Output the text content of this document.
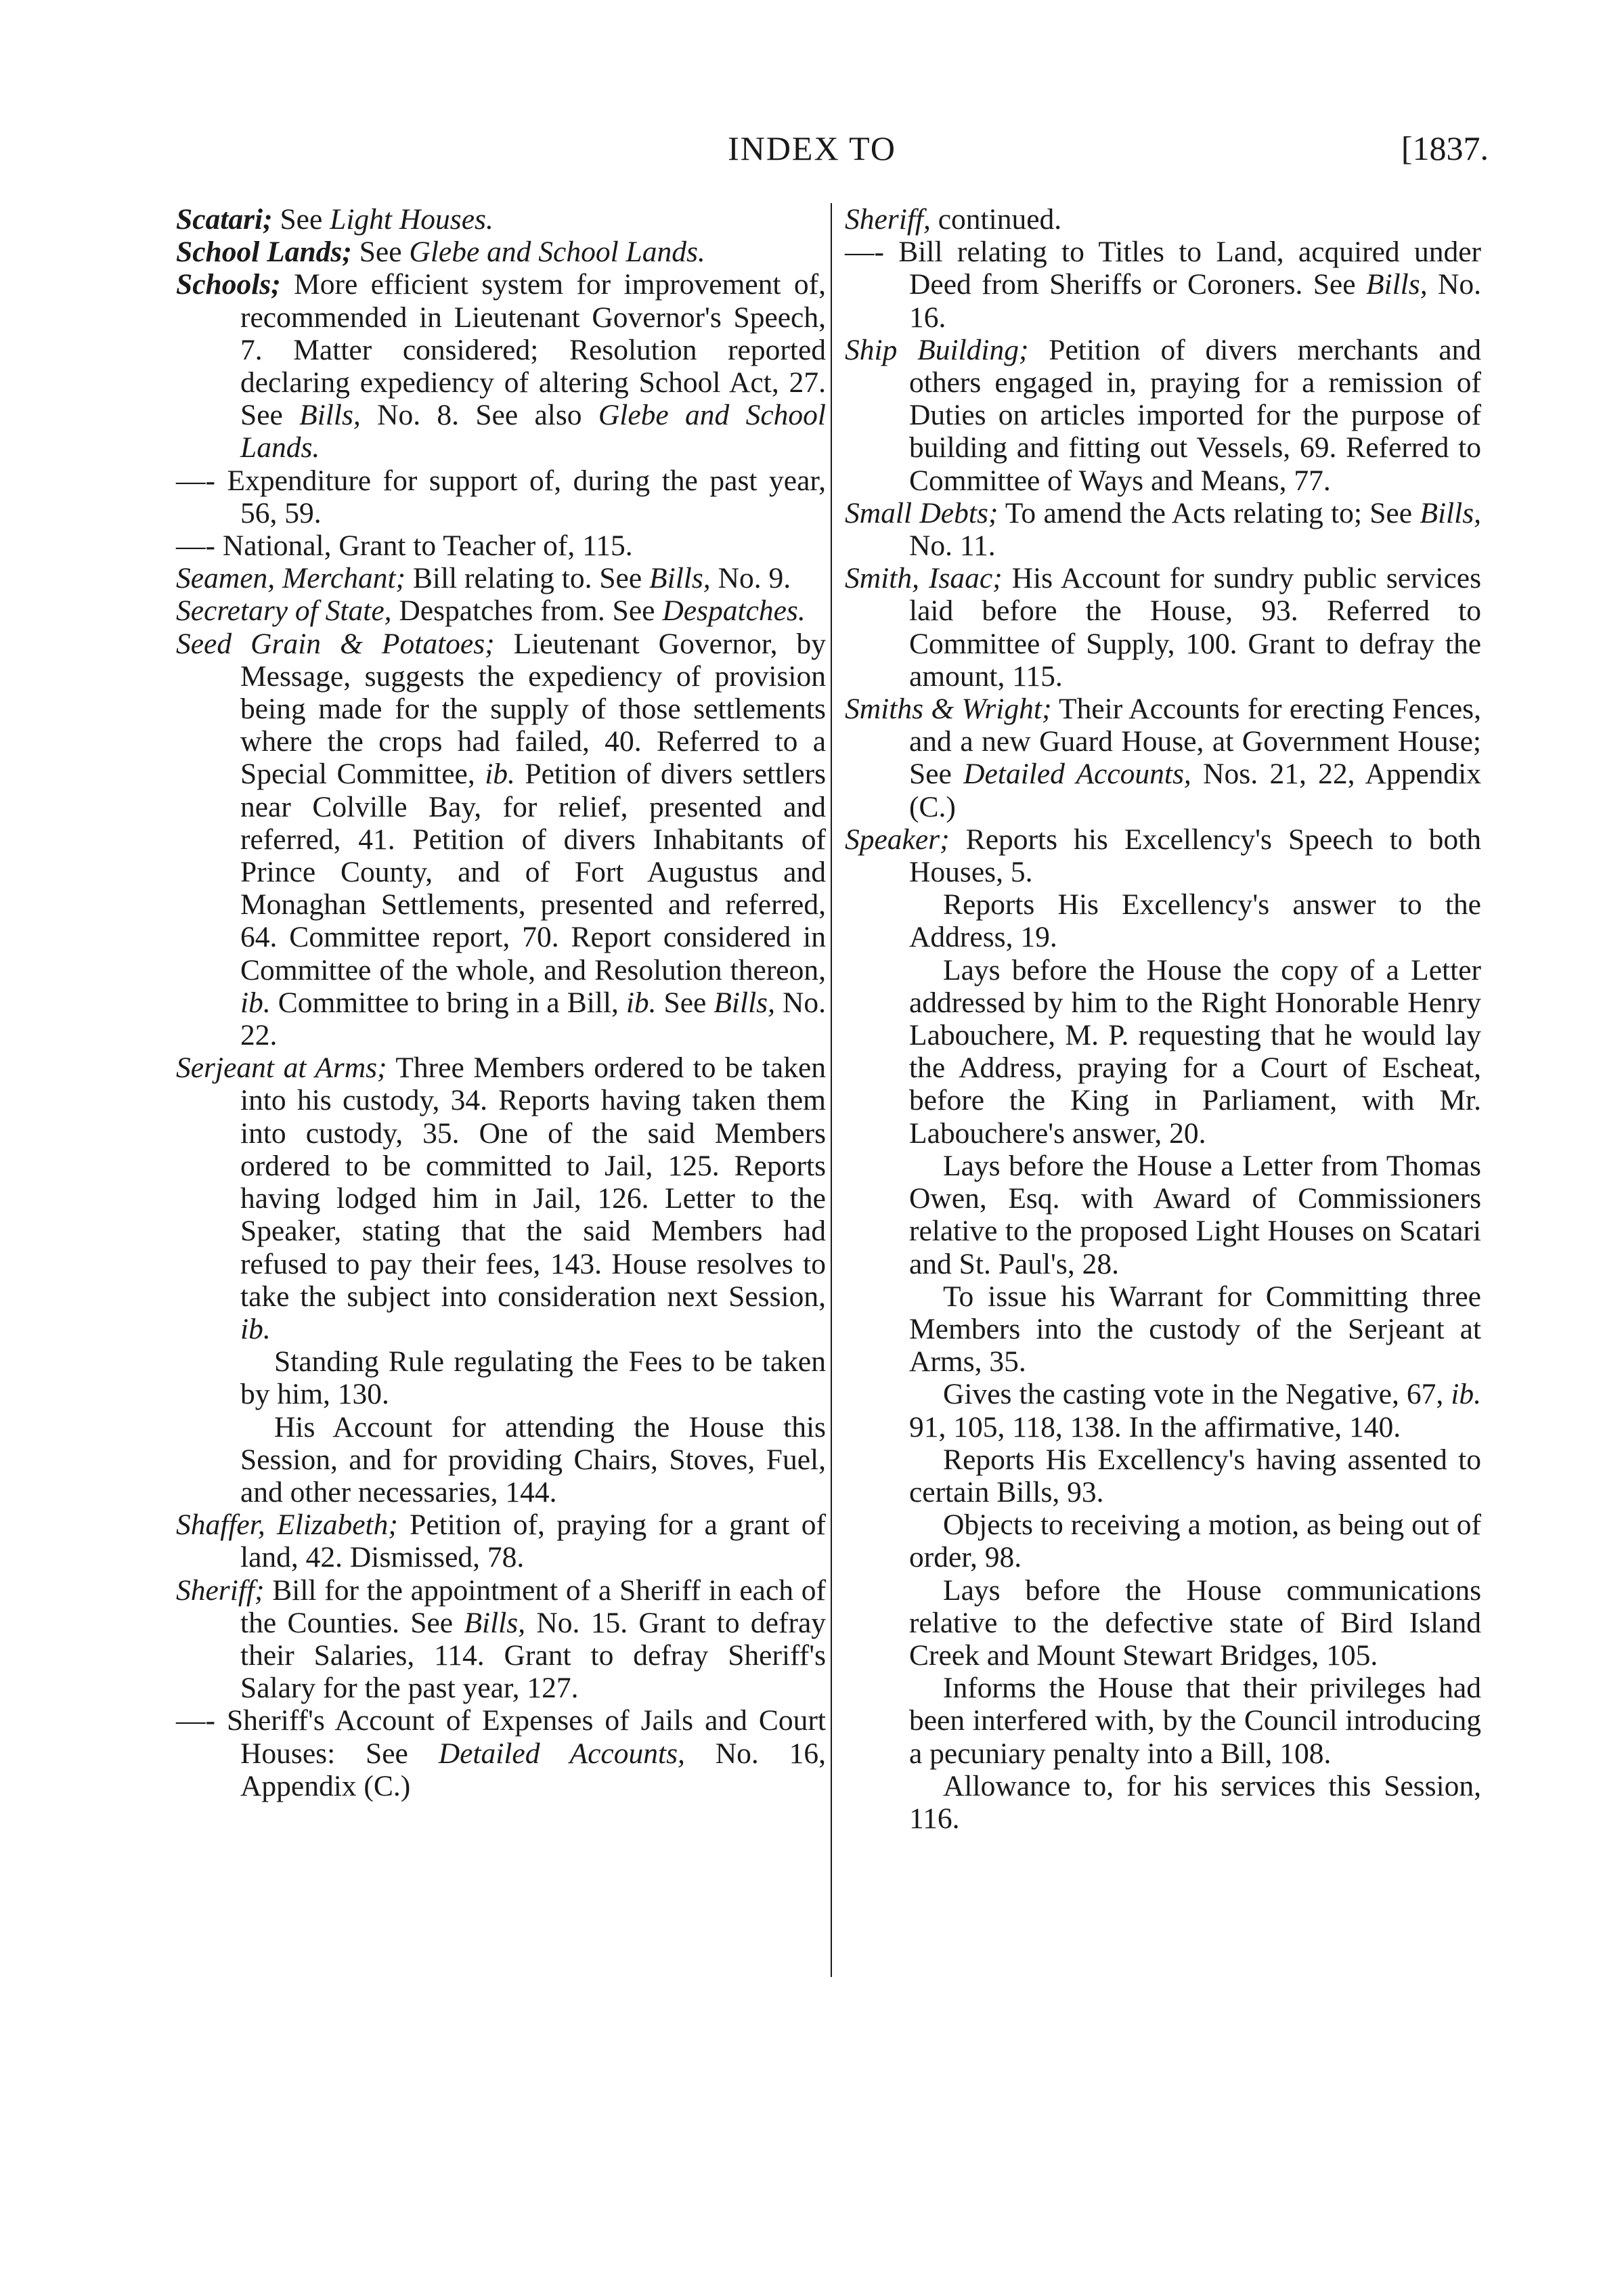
INDEX TO	[1837.
Scatari; See Light Houses.
School Lands; See Glebe and School Lands.
Schools; More efficient system for improvement of, recommended in Lieutenant Governor's Speech, 7. Matter considered; Resolution reported declaring expediency of altering School Act, 27. See Bills, No. 8. See also Glebe and School Lands.
—- Expenditure for support of, during the past year, 56, 59.
—- National, Grant to Teacher of, 115.
Seamen, Merchant; Bill relating to. See Bills, No. 9.
Secretary of State, Despatches from. See Despatches.
Seed Grain & Potatoes; Lieutenant Governor, by Message, suggests the expediency of provision being made for the supply of those settlements where the crops had failed, 40. Referred to a Special Committee, ib. Petition of divers settlers near Colville Bay, for relief, presented and referred, 41. Petition of divers Inhabitants of Prince County, and of Fort Augustus and Monaghan Settlements, presented and referred, 64. Committee report, 70. Report considered in Committee of the whole, and Resolution thereon, ib. Committee to bring in a Bill, ib. See Bills, No. 22.
Serjeant at Arms; Three Members ordered to be taken into his custody, 34. Reports having taken them into custody, 35. One of the said Members ordered to be committed to Jail, 125. Reports having lodged him in Jail, 126. Letter to the Speaker, stating that the said Members had refused to pay their fees, 143. House resolves to take the subject into consideration next Session, ib.
Standing Rule regulating the Fees to be taken by him, 130.
His Account for attending the House this Session, and for providing Chairs, Stoves, Fuel, and other necessaries, 144.
Shaffer, Elizabeth; Petition of, praying for a grant of land, 42. Dismissed, 78.
Sheriff; Bill for the appointment of a Sheriff in each of the Counties. See Bills, No. 15. Grant to defray their Salaries, 114. Grant to defray Sheriff's Salary for the past year, 127.
—- Sheriff's Account of Expenses of Jails and Court Houses: See Detailed Accounts, No. 16, Appendix (C.)
Sheriff, continued.
—- Bill relating to Titles to Land, acquired under Deed from Sheriffs or Coroners. See Bills, No. 16.
Ship Building; Petition of divers merchants and others engaged in, praying for a remission of Duties on articles imported for the purpose of building and fitting out Vessels, 69. Referred to Committee of Ways and Means, 77.
Small Debts; To amend the Acts relating to; See Bills, No. 11.
Smith, Isaac; His Account for sundry public services laid before the House, 93. Referred to Committee of Supply, 100. Grant to defray the amount, 115.
Smiths & Wright; Their Accounts for erecting Fences, and a new Guard House, at Government House; See Detailed Accounts, Nos. 21, 22, Appendix (C.)
Speaker; Reports his Excellency's Speech to both Houses, 5.
Reports His Excellency's answer to the Address, 19.
Lays before the House the copy of a Letter addressed by him to the Right Honorable Henry Labouchere, M. P. requesting that he would lay the Address, praying for a Court of Escheat, before the King in Parliament, with Mr. Labouchere's answer, 20.
Lays before the House a Letter from Thomas Owen, Esq. with Award of Commissioners relative to the proposed Light Houses on Scatari and St. Paul's, 28.
To issue his Warrant for Committing three Members into the custody of the Serjeant at Arms, 35.
Gives the casting vote in the Negative, 67, ib. 91, 105, 118, 138. In the affirmative, 140.
Reports His Excellency's having assented to certain Bills, 93.
Objects to receiving a motion, as being out of order, 98.
Lays before the House communications relative to the defective state of Bird Island Creek and Mount Stewart Bridges, 105.
Informs the House that their privileges had been interfered with, by the Council introducing a pecuniary penalty into a Bill, 108.
Allowance to, for his services this Session, 116.
